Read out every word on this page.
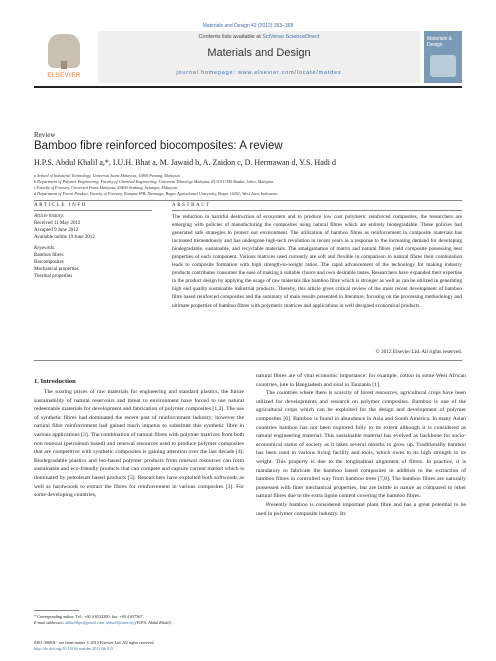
Materials and Design 42 (2012) 353–368
ELSEVIER
Contents lists available at SciVerse ScienceDirect
Materials and Design
journal homepage: www.elsevier.com/locate/matdes
Materials & Design
Review
Bamboo fibre reinforced biocomposites: A review
H.P.S. Abdul Khalil a,*, I.U.H. Bhat a, M. Jawaid b, A. Zaidon c, D. Hermawan d, Y.S. Hadi d
a School of Industrial Technology, Universiti Sains Malaysia, 11800 Penang, Malaysia
b Department of Polymer Engineering, Faculty of Chemical Engineering, Universiti Teknologi Malaysia, 81310 UTM Skudai, Johor, Malaysia
c Faculty of Forestry, Universiti Putra Malaysia, 43400 Serdang, Selangor, Malaysia
d Department of Forest Product, Faculty of Forestry, Kampus IPB, Darmaga, Bogor Agricultural University, Bogor 16001, West Java, Indonesia
ARTICLE INFO	ABSTRACT
Article history:
Received 11 May 2012
Accepted 9 June 2012
Available online 19 June 2012
Keywords:
Bamboo fibres
Biocomposites
Mechanical properties
Thermal properties

The reduction in harmful destruction of ecosystem and to produce low cost polymeric reinforced composites, the researchers are emerging with policies of manufacturing the composites using natural fibres which are entirely biodegradable. These policies had generated safe strategies to protect our environment. The utilization of bamboo fibres as reinforcement in composite materials has increased tremendously and has undergone high-tech revolution in recent years as a response to the increasing demand for developing biodegradable, sustainable, and recyclable materials. The amalgamation of matrix and natural fibres yield composite possessing best properties of each component. Various matrices used currently are soft and flexible in comparison to natural fibres their combination leads to composite formation with high strength-to-weight ratios. The rapid advancement of the technology for making industry products contributes consumer the ease of making a suitable choice and own desirable tastes. Researchers have expanded their expertise in the product design by applying the usage of raw materials like bamboo fibre which is stronger as well as can be utilized in generating high end quality sustainable industrial products. Thereby, this article gives critical review of the most recent development of bamboo fibre based reinforced composites and the summary of main results presented in literature, focusing on the processing methodology and ultimate properties of bamboo fibres with polymeric matrices and applications in well designed economical products.

© 2012 Elsevier Ltd. All rights reserved.
1. Introduction

The soaring prices of raw materials for engineering and standard plastics, the future sustainability of natural reservoirs and threat to environment have forced to use natural redeemable materials for development and fabrication of polymer composites [1,2]. The use of synthetic fibres had dominated the recent past of reinforcement industry; however the natural fibre reinforcement had gained much impetus to substitute this synthetic fibre in various applications [3]. The combination of natural fibres with polymer matrices from both non renewal (petroleum based) and renewal resources used to produce polymer composites that are competitive with synthetic composites is gaining attention over the last decade [4]. Biodegradable plastics and bio-based polymer products from renewal resources can form sustainable and eco-friendly products that can compete and capture current market which is dominated by petroleum based products [5]. Researchers have exploited both softwoods as well as hardwoods to extract the fibres for reinforcement in various composites [3]. For some developing countries,

natural fibres are of vital economic importance: for example, cotton in some West African countries, jute in Bangladesh and sisal in Tanzania [1].
The countries where there is scarcity of forest resources, agricultural crops have been utilized for developments and research on polymer composites. Bamboo is one of the agricultural crops which can be exploited for the design and development of polymer composites [6]. Bamboo is found in abundance in Asia and South America. In many Asian countries bamboo has not been explored fully to its extent although it is considered as natural engineering material. This sustainable material has evolved as backbone for socio-economical status of society as it takes several months to grow up. Traditionally bamboo has been used in various living facility and tools, which owes to its high strength to its weight. This property is due to the longitudinal alignment of fibres. In practice, it is mandatory to fabricate the bamboo based composites in addition to the extraction of bamboo fibres in controlled way from bamboo trees [7,8]. The bamboo fibres are naturally possessed with finer mechanical properties, but are brittle in nature as compared to other natural fibres due to the extra lignin content covering the bamboo fibres.
Presently bamboo is considered important plant fibre and has a great potential to be used in polymer composite industry. Its
* Corresponding author. Tel.: +60 4 6532200; fax: +60 4 657367.
E-mail addresses: akhalilhps@gmail.com, akhalil@usm.my (H.P.S. Abdul Khalil).
0261-3069/$ - see front matter © 2012 Elsevier Ltd. All rights reserved.
http://dx.doi.org/10.1016/j.matdes.2012.06.015
